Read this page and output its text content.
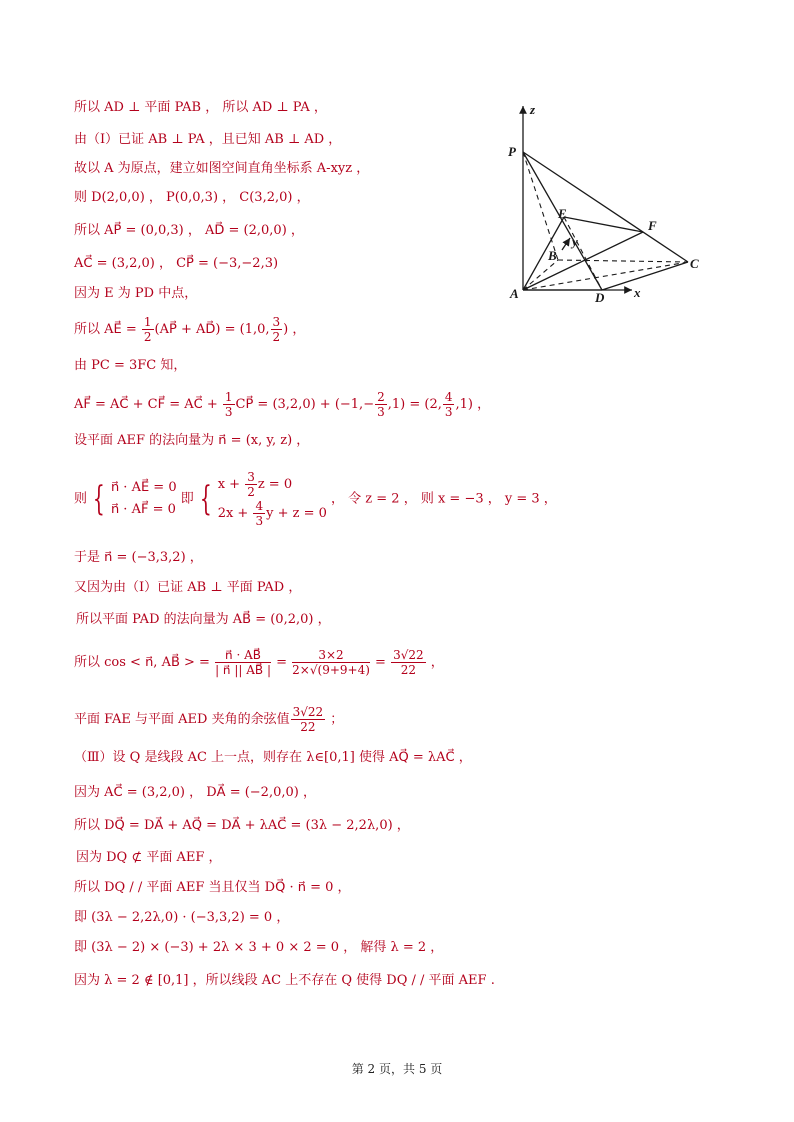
所以 AD ⊥ 平面 PAB ， 所以 AD ⊥ PA ，
由（Ⅰ）已证 AB ⊥ PA ，且已知 AB ⊥ AD ，
故以 A 为原点，建立如图空间直角坐标系 A-xyz ，
则 D(2,0,0) ， P(0,0,3) ， C(3,2,0) ，
所以 AP⃗ = (0,0,3) ， AD⃗ = (2,0,0) ，
AC⃗ = (3,2,0) ， CP⃗ = (−3,−2,3)
因为 E 为 PD 中点，
所以 AE⃗ = $\frac{1}{2}$ (AP⃗ + AD⃗) = (1,0, $\frac{3}{2}$ ) ，
由 PC = 3FC 知，
AF⃗ = AC⃗ + CF⃗ = AC⃗ + $\frac{1}{3}$ CP⃗ = $(3,2,0) + (-1,- \frac{2}{3} ,1) = (2$, $\frac{4}{3} ,1$) ，
设平面 AEF 的法向量为 n⃗ = (x, y, z) ，
则 { n⃗ · AE⃗ = 0
n⃗ · AF⃗ = 0
即 { $x + \frac{3}{2}$ z = 0
$2x + \frac{4}{3}$ y + z = 0
， 令 z = 2 ， 则 x = −3 ， y = 3 ，
于是 n⃗ = (−3,3,2) ，
又因为由（Ⅰ）已证 AB ⊥ 平面 PAD ，
所以平面 PAD 的法向量为 AB⃗ = (0,2,0) ，
所以 cos < n⃗, AB⃗ > = $\frac{n⃗ \cdot AB⃗}{| n⃗ || AB⃗ |} = \frac{3\times 2}{2\times√(9+9+4)} = \frac{3√22}{22}$ ，
平面 FAE 与平面 AED 夹角的余弦值 $\frac{3√22}{22}$ ；
（Ⅲ）设 Q 是线段 AC 上一点，则存在 λ∈[0,1] 使得 AQ⃗ = λAC⃗ ，
因为 AC⃗ = (3,2,0) ， DA⃗ = (−2,0,0) ，
所以 DQ⃗ = DA⃗ + AQ⃗ = DA⃗ + λAC⃗ = (3λ − 2,2λ,0) ，
因为 DQ ⊄ 平面 AEF ，
所以 DQ / / 平面 AEF 当且仅当 DQ⃗ · n⃗ = 0 ，
即 (3λ − 2,2λ,0) · (−3,3,2) = 0 ，
即 (3λ − 2) × (−3) + 2λ × 3 + 0 × 2 = 0 ， 解得 λ = 2 ，
因为 λ = 2 ∉ [0,1] ，所以线段 AC 上不存在 Q 使得 DQ / / 平面 AEF .
z
P
E
F
B
y
C
A	D x
第 2 页，共 5 页
